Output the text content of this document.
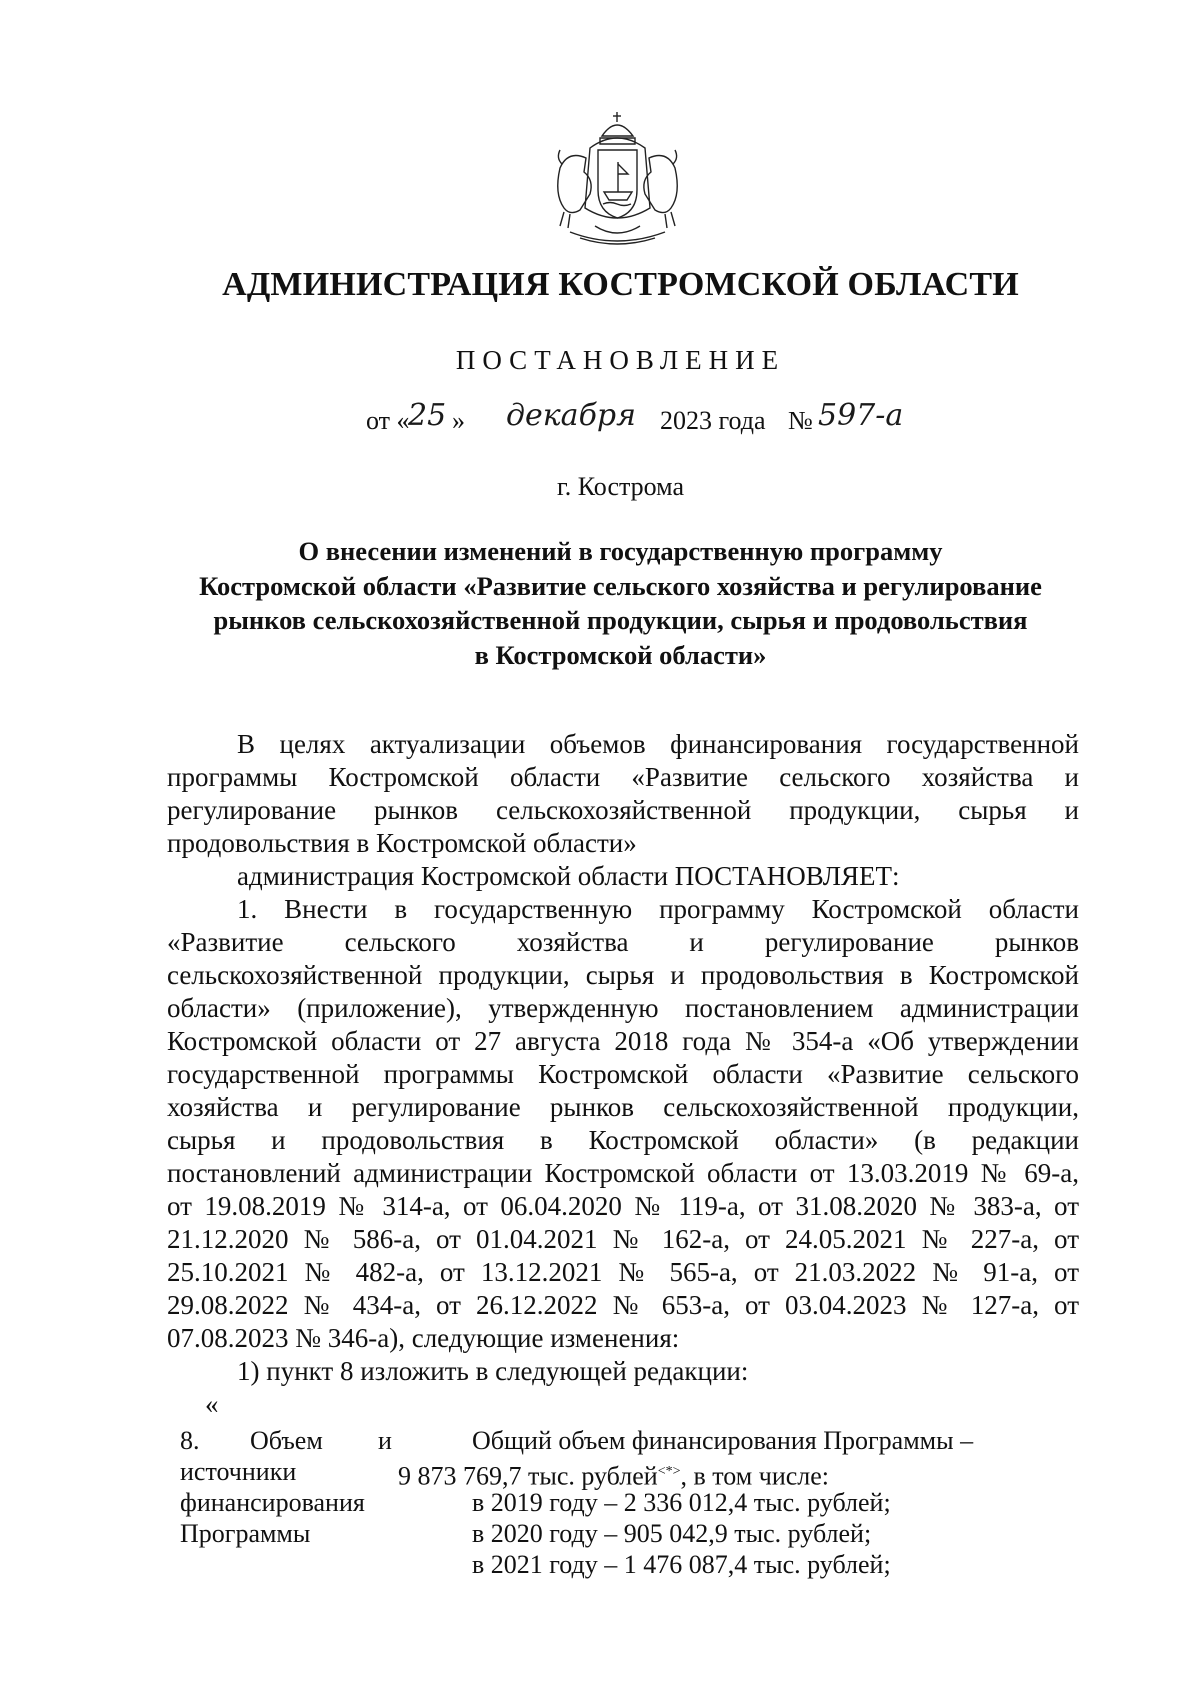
АДМИНИСТРАЦИЯ КОСТРОМСКОЙ ОБЛАСТИ
ПОСТАНОВЛЕНИЕ
от «
25 » декабря 2023 года № 597-а
г. Кострома
О внесении изменений в государственную программу
Костромской области «Развитие сельского хозяйства и регулирование
рынков сельскохозяйственной продукции, сырья и продовольствия
в Костромской области»
В целях актуализации объемов финансирования государственной
программы Костромской области «Развитие сельского хозяйства и
регулирование рынков сельскохозяйственной продукции, сырья и
продовольствия в Костромской области»
администрация Костромской области ПОСТАНОВЛЯЕТ:
1. Внести в государственную программу Костромской области
«Развитие сельского хозяйства и регулирование рынков
сельскохозяйственной продукции, сырья и продовольствия в Костромской
области» (приложение), утвержденную постановлением администрации
Костромской области от 27 августа 2018 года № 354-а «Об утверждении
государственной программы Костромской области «Развитие сельского
хозяйства и регулирование рынков сельскохозяйственной продукции,
сырья и продовольствия в Костромской области» (в редакции
постановлений администрации Костромской области от 13.03.2019 № 69-а,
от 19.08.2019 № 314-а, от 06.04.2020 № 119-а, от 31.08.2020 № 383-а, от
21.12.2020 № 586-а, от 01.04.2021 № 162-а, от 24.05.2021 № 227-а, от
25.10.2021 № 482-а, от 13.12.2021 № 565-а, от 21.03.2022 № 91-а, от
29.08.2022 № 434-а, от 26.12.2022 № 653-а, от 03.04.2023 № 127-а, от
07.08.2023 № 346-а), следующие изменения:
1) пункт 8 изложить в следующей редакции:
«
8. Объем и
источники
финансирования
Программы
Общий объем финансирования Программы –
9 873 769,7 тыс. рублей<*>, в том числе:
в 2019 году – 2 336 012,4 тыс. рублей;
в 2020 году – 905 042,9 тыс. рублей;
в 2021 году – 1 476 087,4 тыс. рублей;
